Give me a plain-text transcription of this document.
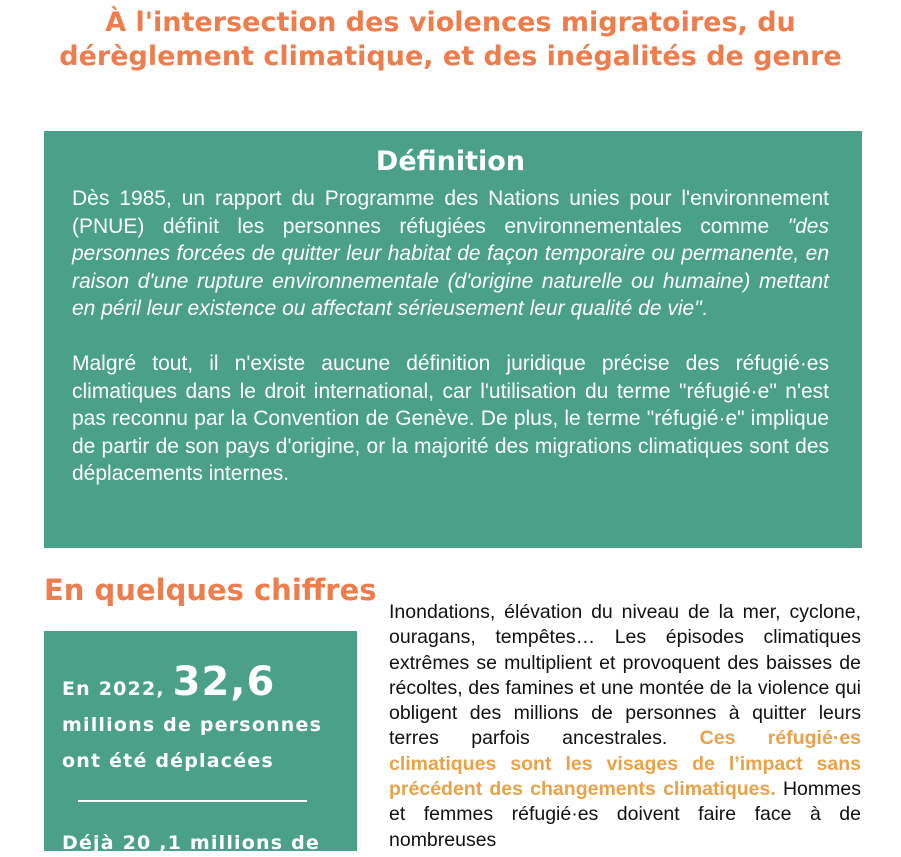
À l'intersection des violences migratoires, du dérèglement climatique, et des inégalités de genre
Définition

Dès 1985, un rapport du Programme des Nations unies pour l'environnement (PNUE) définit les personnes réfugiées environnementales comme "des personnes forcées de quitter leur habitat de façon temporaire ou permanente, en raison d'une rupture environnementale (d'origine naturelle ou humaine) mettant en péril leur existence ou affectant sérieusement leur qualité de vie".

Malgré tout, il n'existe aucune définition juridique précise des réfugié·es climatiques dans le droit international, car l'utilisation du terme "réfugié·e" n'est pas reconnu par la Convention de Genève. De plus, le terme "réfugié·e" implique de partir de son pays d'origine, or la majorité des migrations climatiques sont des déplacements internes.

En quelques chiffres

En 2022, 32,6

millions de personnes

ont été déplacées

Déjà 20 ,1 millions de

Inondations, élévation du niveau de la mer, cyclone, ouragans, tempêtes… Les épisodes climatiques extrêmes se multiplient et provoquent des baisses de récoltes, des famines et une montée de la violence qui obligent des millions de personnes à quitter leurs terres parfois ancestrales. Ces réfugié·es climatiques sont les visages de l’impact sans précédent des changements climatiques. Hommes et femmes réfugié·es doivent faire face à de nombreuses
